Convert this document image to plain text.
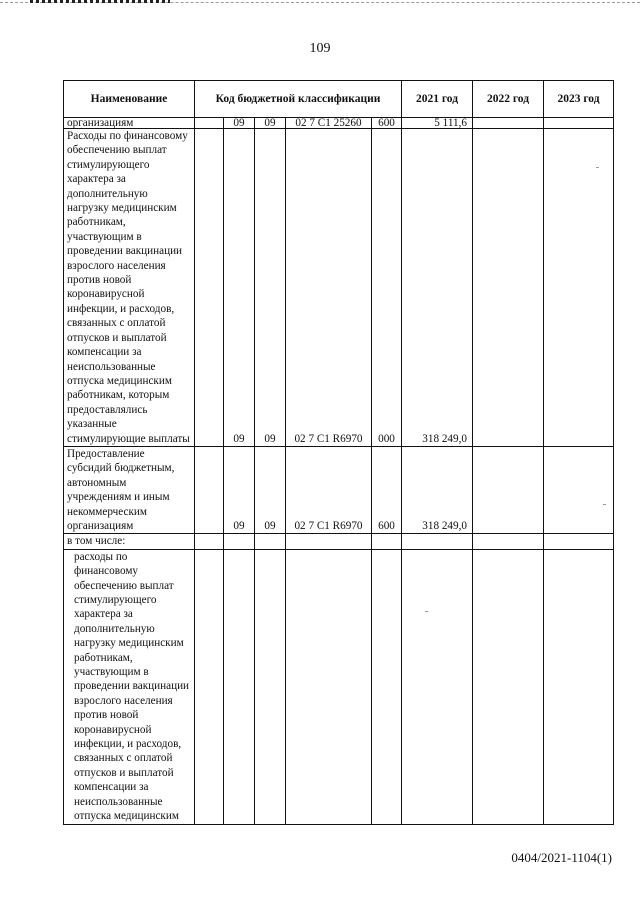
109
Наименование	Код бюджетной классификации					2021 год	2022 год	2023 год
организациям		09	09	02 7 С1 25260	600	5 111,6		
Расходы по финансовому обеспечению выплат стимулирующего характера за дополнительную нагрузку медицинским работникам, участвующим в проведении вакцинации взрослого населения против новой коронавирусной инфекции, и расходов, связанных с оплатой отпусков и выплатой компенсации за неиспользованные отпуска медицинским работникам, которым предоставлялись указанные стимулирующие выплаты		09	09	02 7 С1 R6970	000	318 249,0		
Предоставление субсидий бюджетным, автономным учреждениям и иным некоммерческим организациям		09	09	02 7 С1 R6970	600	318 249,0		
в том числе:								
расходы по финансовому обеспечению выплат стимулирующего характера за дополнительную нагрузку медицинским работникам, участвующим в проведении вакцинации взрослого населения против новой коронавирусной инфекции, и расходов, связанных с оплатой отпусков и выплатой компенсации за неиспользованные отпуска медицинским								
0404/2021-1104(1)
